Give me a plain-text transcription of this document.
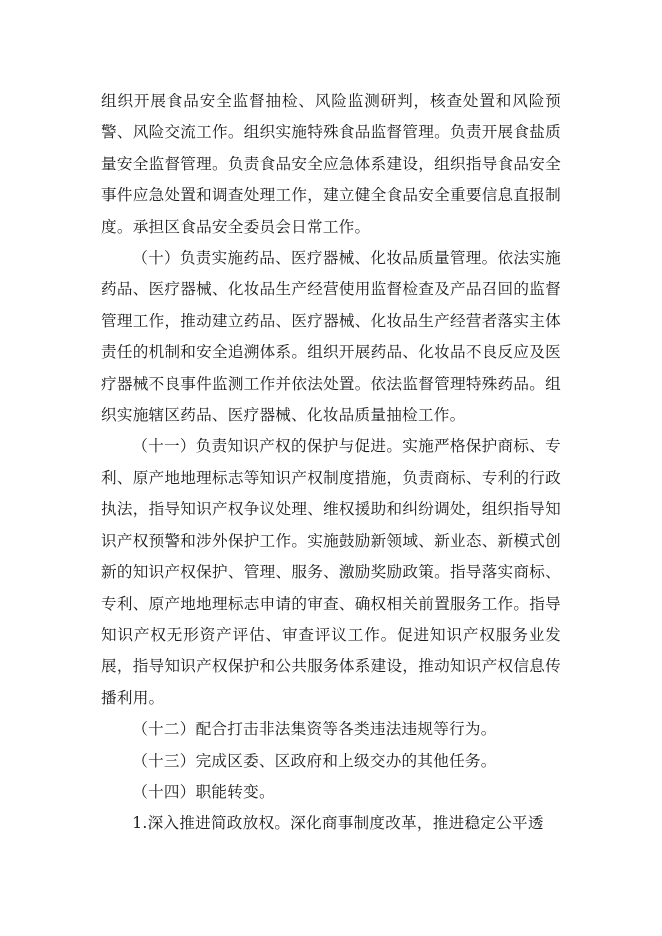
组织开展食品安全监督抽检、风险监测研判，核查处置和风险预警、风险交流工作。组织实施特殊食品监督管理。负责开展食盐质量安全监督管理。负责食品安全应急体系建设，组织指导食品安全事件应急处置和调查处理工作，建立健全食品安全重要信息直报制度。承担区食品安全委员会日常工作。

（十）负责实施药品、医疗器械、化妆品质量管理。依法实施药品、医疗器械、化妆品生产经营使用监督检查及产品召回的监督管理工作，推动建立药品、医疗器械、化妆品生产经营者落实主体责任的机制和安全追溯体系。组织开展药品、化妆品不良反应及医疗器械不良事件监测工作并依法处置。依法监督管理特殊药品。组织实施辖区药品、医疗器械、化妆品质量抽检工作。

（十一）负责知识产权的保护与促进。实施严格保护商标、专利、原产地地理标志等知识产权制度措施，负责商标、专利的行政执法，指导知识产权争议处理、维权援助和纠纷调处，组织指导知识产权预警和涉外保护工作。实施鼓励新领域、新业态、新模式创新的知识产权保护、管理、服务、激励奖励政策。指导落实商标、专利、原产地地理标志申请的审查、确权相关前置服务工作。指导知识产权无形资产评估、审查评议工作。促进知识产权服务业发展，指导知识产权保护和公共服务体系建设，推动知识产权信息传播利用。

（十二）配合打击非法集资等各类违法违规等行为。

（十三）完成区委、区政府和上级交办的其他任务。

（十四）职能转变。

1.深入推进简政放权。深化商事制度改革，推进稳定公平透
